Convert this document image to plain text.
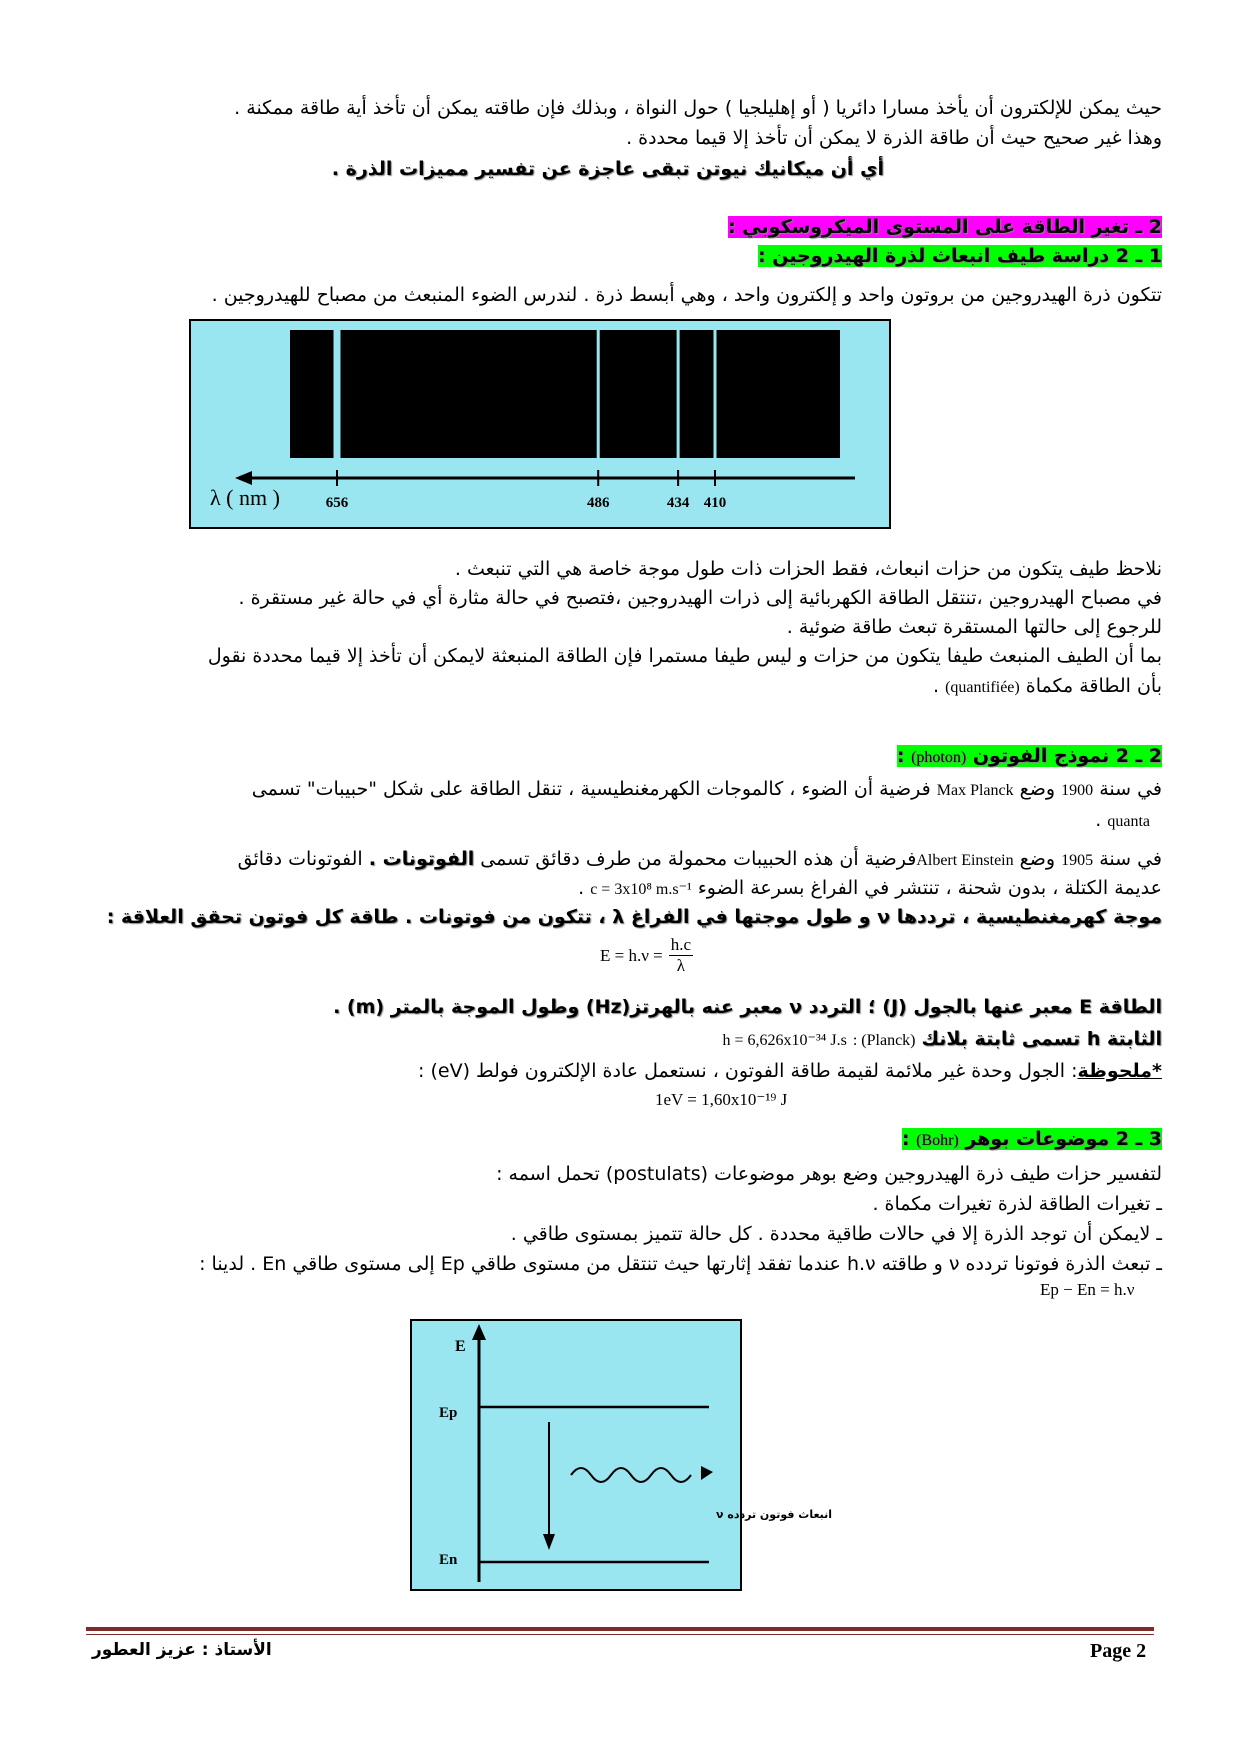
حيث يمكن للإلكترون أن يأخذ مسارا دائريا ( أو إهليلجيا ) حول النواة ، وبذلك فإن طاقته يمكن أن تأخذ أية طاقة ممكنة .
وهذا غير صحيح حيث أن طاقة الذرة لا يمكن أن تأخذ إلا قيما محددة .
أي أن ميكانيك نيوتن تبقى عاجزة عن تفسير مميزات الذرة .
2 ـ تغير الطاقة على المستوى الميكروسكوبي :
1 ـ 2 دراسة طيف انبعاث لذرة الهيدروجين :
تتكون ذرة الهيدروجين من بروتون واحد و إلكترون واحد ، وهي أبسط ذرة . لندرس الضوء المنبعث من مصباح للهيدروجين .
λ ( nm )	656	486	434 410
نلاحظ طيف يتكون من حزات انبعاث، فقط الحزات ذات طول موجة خاصة هي التي تنبعث .
في مصباح الهيدروجين ،تنتقل الطاقة الكهربائية إلى ذرات الهيدروجين ،فتصبح في حالة مثارة أي في حالة غير مستقرة .
للرجوع إلى حالتها المستقرة تبعث طاقة ضوئية .
بما أن الطيف المنبعث طيفا يتكون من حزات و ليس طيفا مستمرا فإن الطاقة المنبعثة لايمكن أن تأخذ إلا قيما محددة نقول
بأن الطاقة مكماة (quantifiée) .
2 ـ 2 نموذج الفوتون (photon) :
في سنة 1900 وضع Max Planck فرضية أن الضوء ، كالموجات الكهرمغنطيسية ، تنقل الطاقة على شكل "حبيبات" تسمى
quanta .
في سنة 1905 وضع Albert Einsteinفرضية أن هذه الحبيبات محمولة من طرف دقائق تسمى الفوتونات . الفوتونات دقائق
عديمة الكتلة ، بدون شحنة ، تنتشر في الفراغ بسرعة الضوء c = 3x10⁸ m.s⁻¹ .
موجة كهرمغنطيسية ، ترددها ν و طول موجتها في الفراغ λ ، تتكون من فوتونات . طاقة كل فوتون تحقق العلاقة :
$E = h.\nu = \frac{h.c}{\lambda}$
الطاقة E معبر عنها بالجول (J) ؛ التردد ν معبر عنه بالهرتز(Hz) وطول الموجة بالمتر (m) .
الثابتة h تسمى ثابتة بلانك (Planck) : h = 6,626x10⁻³⁴ J.s
*ملحوظة: الجول وحدة غير ملائمة لقيمة طاقة الفوتون ، نستعمل عادة الإلكترون فولط (eV) :
1eV = 1,60x10⁻¹⁹ J
3 ـ 2 موضوعات بوهر (Bohr) :
لتفسير حزات طيف ذرة الهيدروجين وضع بوهر موضوعات (postulats) تحمل اسمه :
ـ تغيرات الطاقة لذرة تغيرات مكماة .
ـ لايمكن أن توجد الذرة إلا في حالات طاقية محددة . كل حالة تتميز بمستوى طاقي .
ـ تبعث الذرة فوتونا تردده ν و طاقته h.ν عندما تفقد إثارتها حيث تنتقل من مستوى طاقي Ep إلى مستوى طاقي En . لدينا :
Ep − En = h.ν
E
Ep
En
انبعاث فوتون تردده ν
Page 2
الأستاذ : عزيز العطور
